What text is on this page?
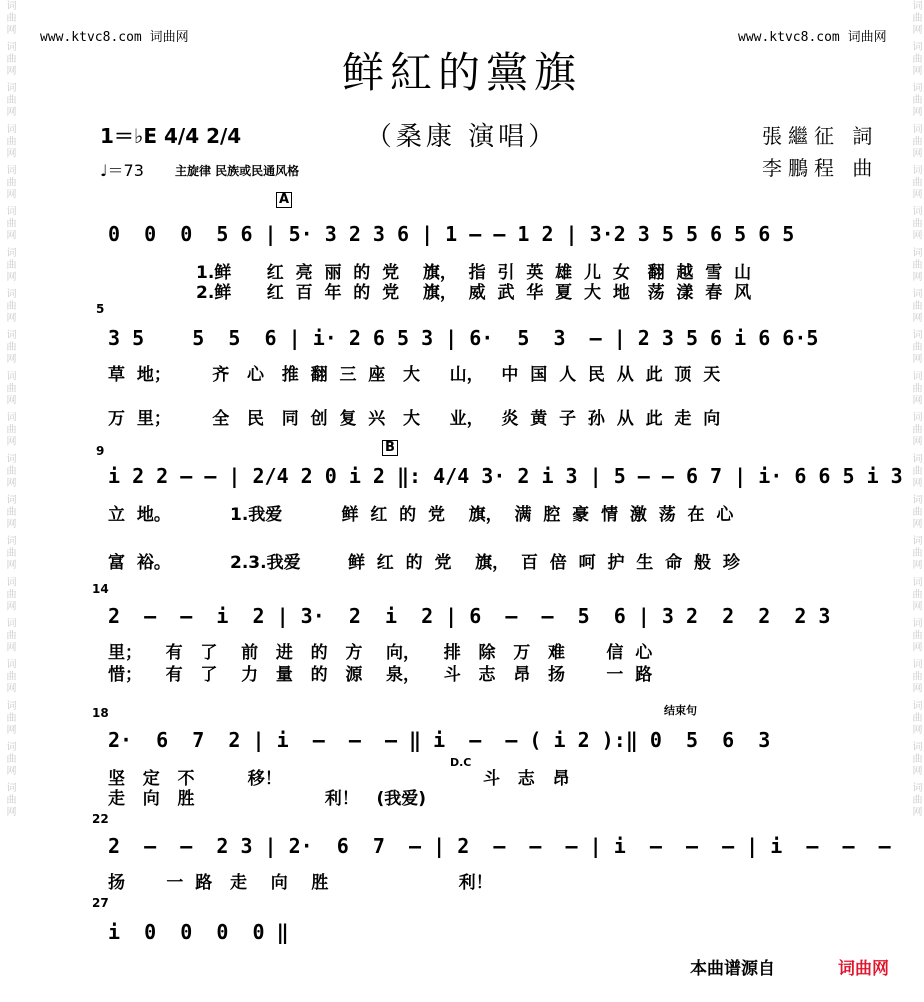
词曲网 词曲网 词曲网 词曲网 词曲网 词曲网 词曲网 词曲网 词曲网 词曲网 词曲网 词曲网 词曲网 词曲网 词曲网 词曲网 词曲网 词曲网 词曲网 词曲网	词曲网 词曲网 词曲网 词曲网 词曲网 词曲网 词曲网 词曲网 词曲网 词曲网 词曲网 词曲网 词曲网 词曲网 词曲网 词曲网 词曲网 词曲网 词曲网 词曲网
www.ktvc8.com 词曲网	www.ktvc8.com 词曲网
鲜紅的黨旗
（桑康 演唱）	張繼征 詞
李鵬程 曲
1＝♭E 4/4 2/4
♩＝73	主旋律 民族或民通风格
A
0  0  0  5 6 | 5· 3 2 3 6 | 1 — — 1 2 | 3·2 3 5 5 6 5 6 5
1.鲜      红  亮  丽  的  党    旗，  指  引  英  雄  儿  女   翻  越  雪  山
2.鲜      红  百  年  的  党    旗，  威  武  华  夏  大  地   荡  漾  春  风
5
3 5    5  5  6 | i· 2 6 5 3 | 6·  5  3  — | 2 3 5 6 i 6 6·5
草  地；       齐   心   推  翻  三  座   大     山，   中  国  人  民  从  此  顶  天
万  里；       全   民   同  创  复  兴   大     业，   炎  黄  子  孙  从  此  走  向
9	B
i 2 2 — — | 2/4 2 0 i 2 ‖: 4/4 3· 2 i 3 | 5 — — 6 7 | i· 6 6 5 i 3
立  地。          1.我爱          鲜  红  的  党    旗，  满  腔  豪  情  激  荡  在  心
富  裕。          2.3.我爱        鲜  红  的  党    旗，  百  倍  呵  护  生  命  般  珍
14
2  —  —  i  2 | 3·  2  i  2 | 6  —  —  5  6 | 3 2  2  2  2 3
里；    有   了    前   进   的   方    向，    排   除   万   难       信  心
惜；    有   了    力   量   的   源    泉，    斗   志   昂   扬       一  路
18	结束句
2·  6  7  2 | i  —  —  — ‖ i  —  — ( i 2 ):‖ 0  5  6  3
D.C
坚   定   不         移！                                  斗   志   昂
走   向   胜                      利！   (我爱)
22
2  —  —  2 3 | 2·  6  7  — | 2  —  —  — | i  —  —  — | i  —  —  —
扬       一  路   走    向    胜                      利！
27
i  0  0  0  0 ‖
本曲谱源自	词曲网
